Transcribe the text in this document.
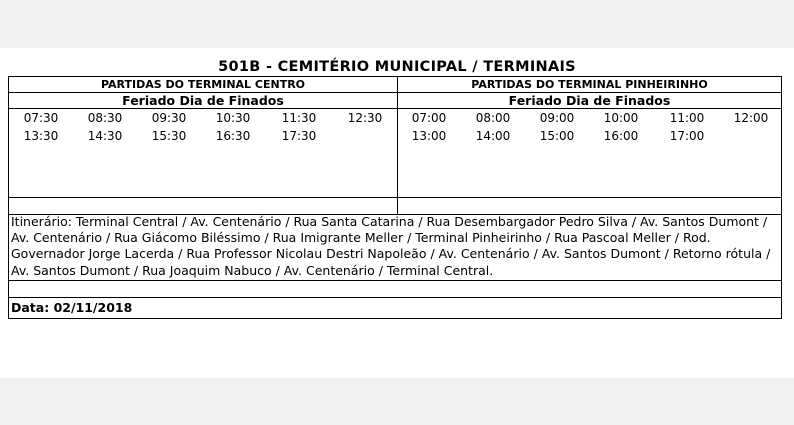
501B - CEMITÉRIO MUNICIPAL / TERMINAIS
PARTIDAS DO TERMINAL CENTRO	PARTIDAS DO TERMINAL PINHEIRINHO
Feriado Dia de Finados	Feriado Dia de Finados
07:30	08:30	09:30	10:30	11:30	12:30
13:30	14:30	15:30	16:30	17:30
07:00	08:00	09:00	10:00	11:00	12:00
13:00	14:00	15:00	16:00	17:00
Itinerário: Terminal Central / Av. Centenário / Rua Santa Catarina / Rua Desembargador Pedro Silva / Av. Santos Dumont / Av. Centenário / Rua Giácomo Biléssimo / Rua Imigrante Meller / Terminal Pinheirinho / Rua Pascoal Meller / Rod. Governador Jorge Lacerda / Rua Professor Nicolau Destri Napoleão / Av. Centenário / Av. Santos Dumont / Retorno rótula / Av. Santos Dumont / Rua Joaquim Nabuco / Av. Centenário / Terminal Central.
Data: 02/11/2018
